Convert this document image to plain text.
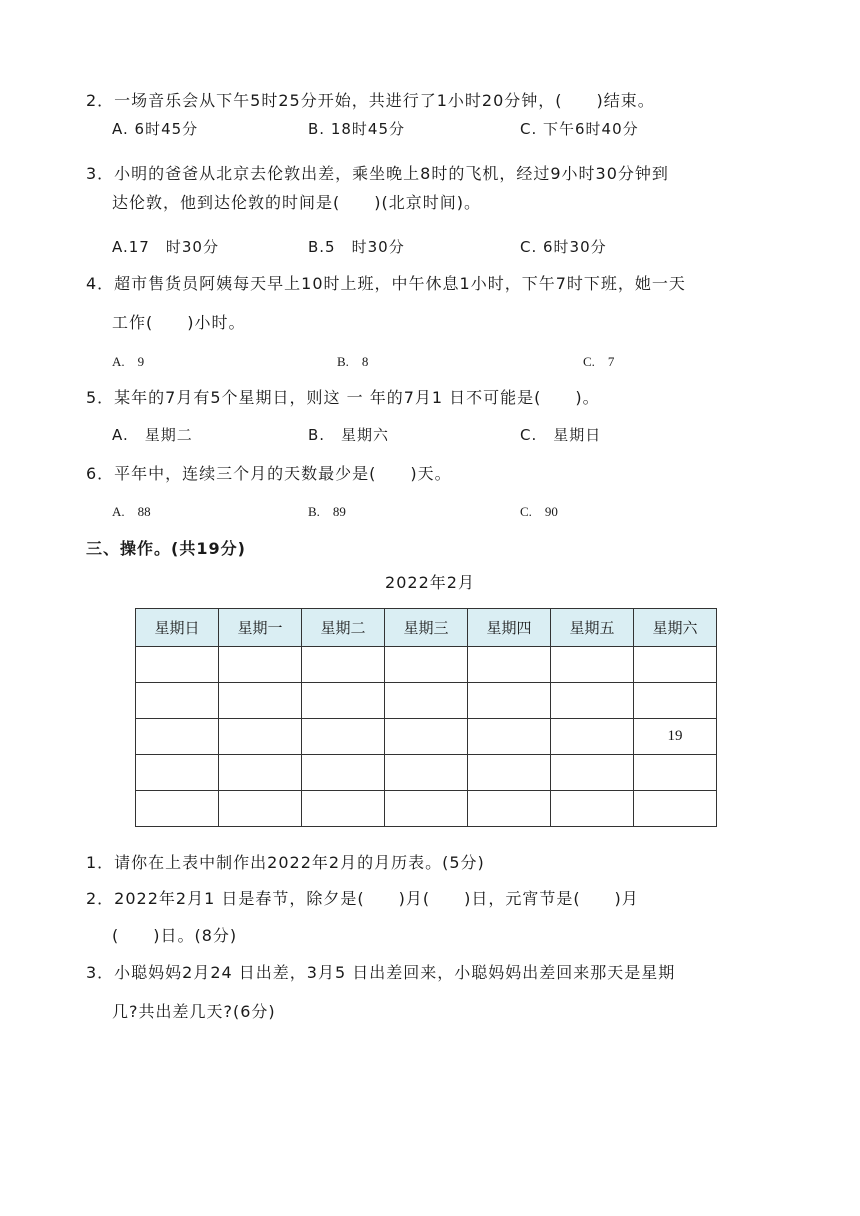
2．一场音乐会从下午5时25分开始，共进行了1小时20分钟，(　　)结束。
A. 6时45分	B. 18时45分	C. 下午6时40分
3．小明的爸爸从北京去伦敦出差，乘坐晚上8时的飞机，经过9小时30分钟到
达伦敦，他到达伦敦的时间是(　　)(北京时间)。
A.17　时30分	B.5　时30分	C. 6时30分
4．超市售货员阿姨每天早上10时上班，中午休息1小时，下午7时下班，她一天
工作(　　)小时。
A.　9	B.　8	C.　7
5．某年的7月有5个星期日，则这 一 年的7月1 日不可能是(　　)。
A.　星期二	B.　星期六	C.　星期日
6．平年中，连续三个月的天数最少是(　　)天。
A.　88	B.　89	C.　90
三、操作。(共19分)
2022年2月
星期日	星期一	星期二	星期三	星期四	星期五	星期六

						19

1．请你在上表中制作出2022年2月的月历表。(5分)
2．2022年2月1 日是春节，除夕是(　　)月(　　)日，元宵节是(　　)月
(　　)日。(8分)
3．小聪妈妈2月24 日出差，3月5 日出差回来，小聪妈妈出差回来那天是星期
几?共出差几天?(6分)
